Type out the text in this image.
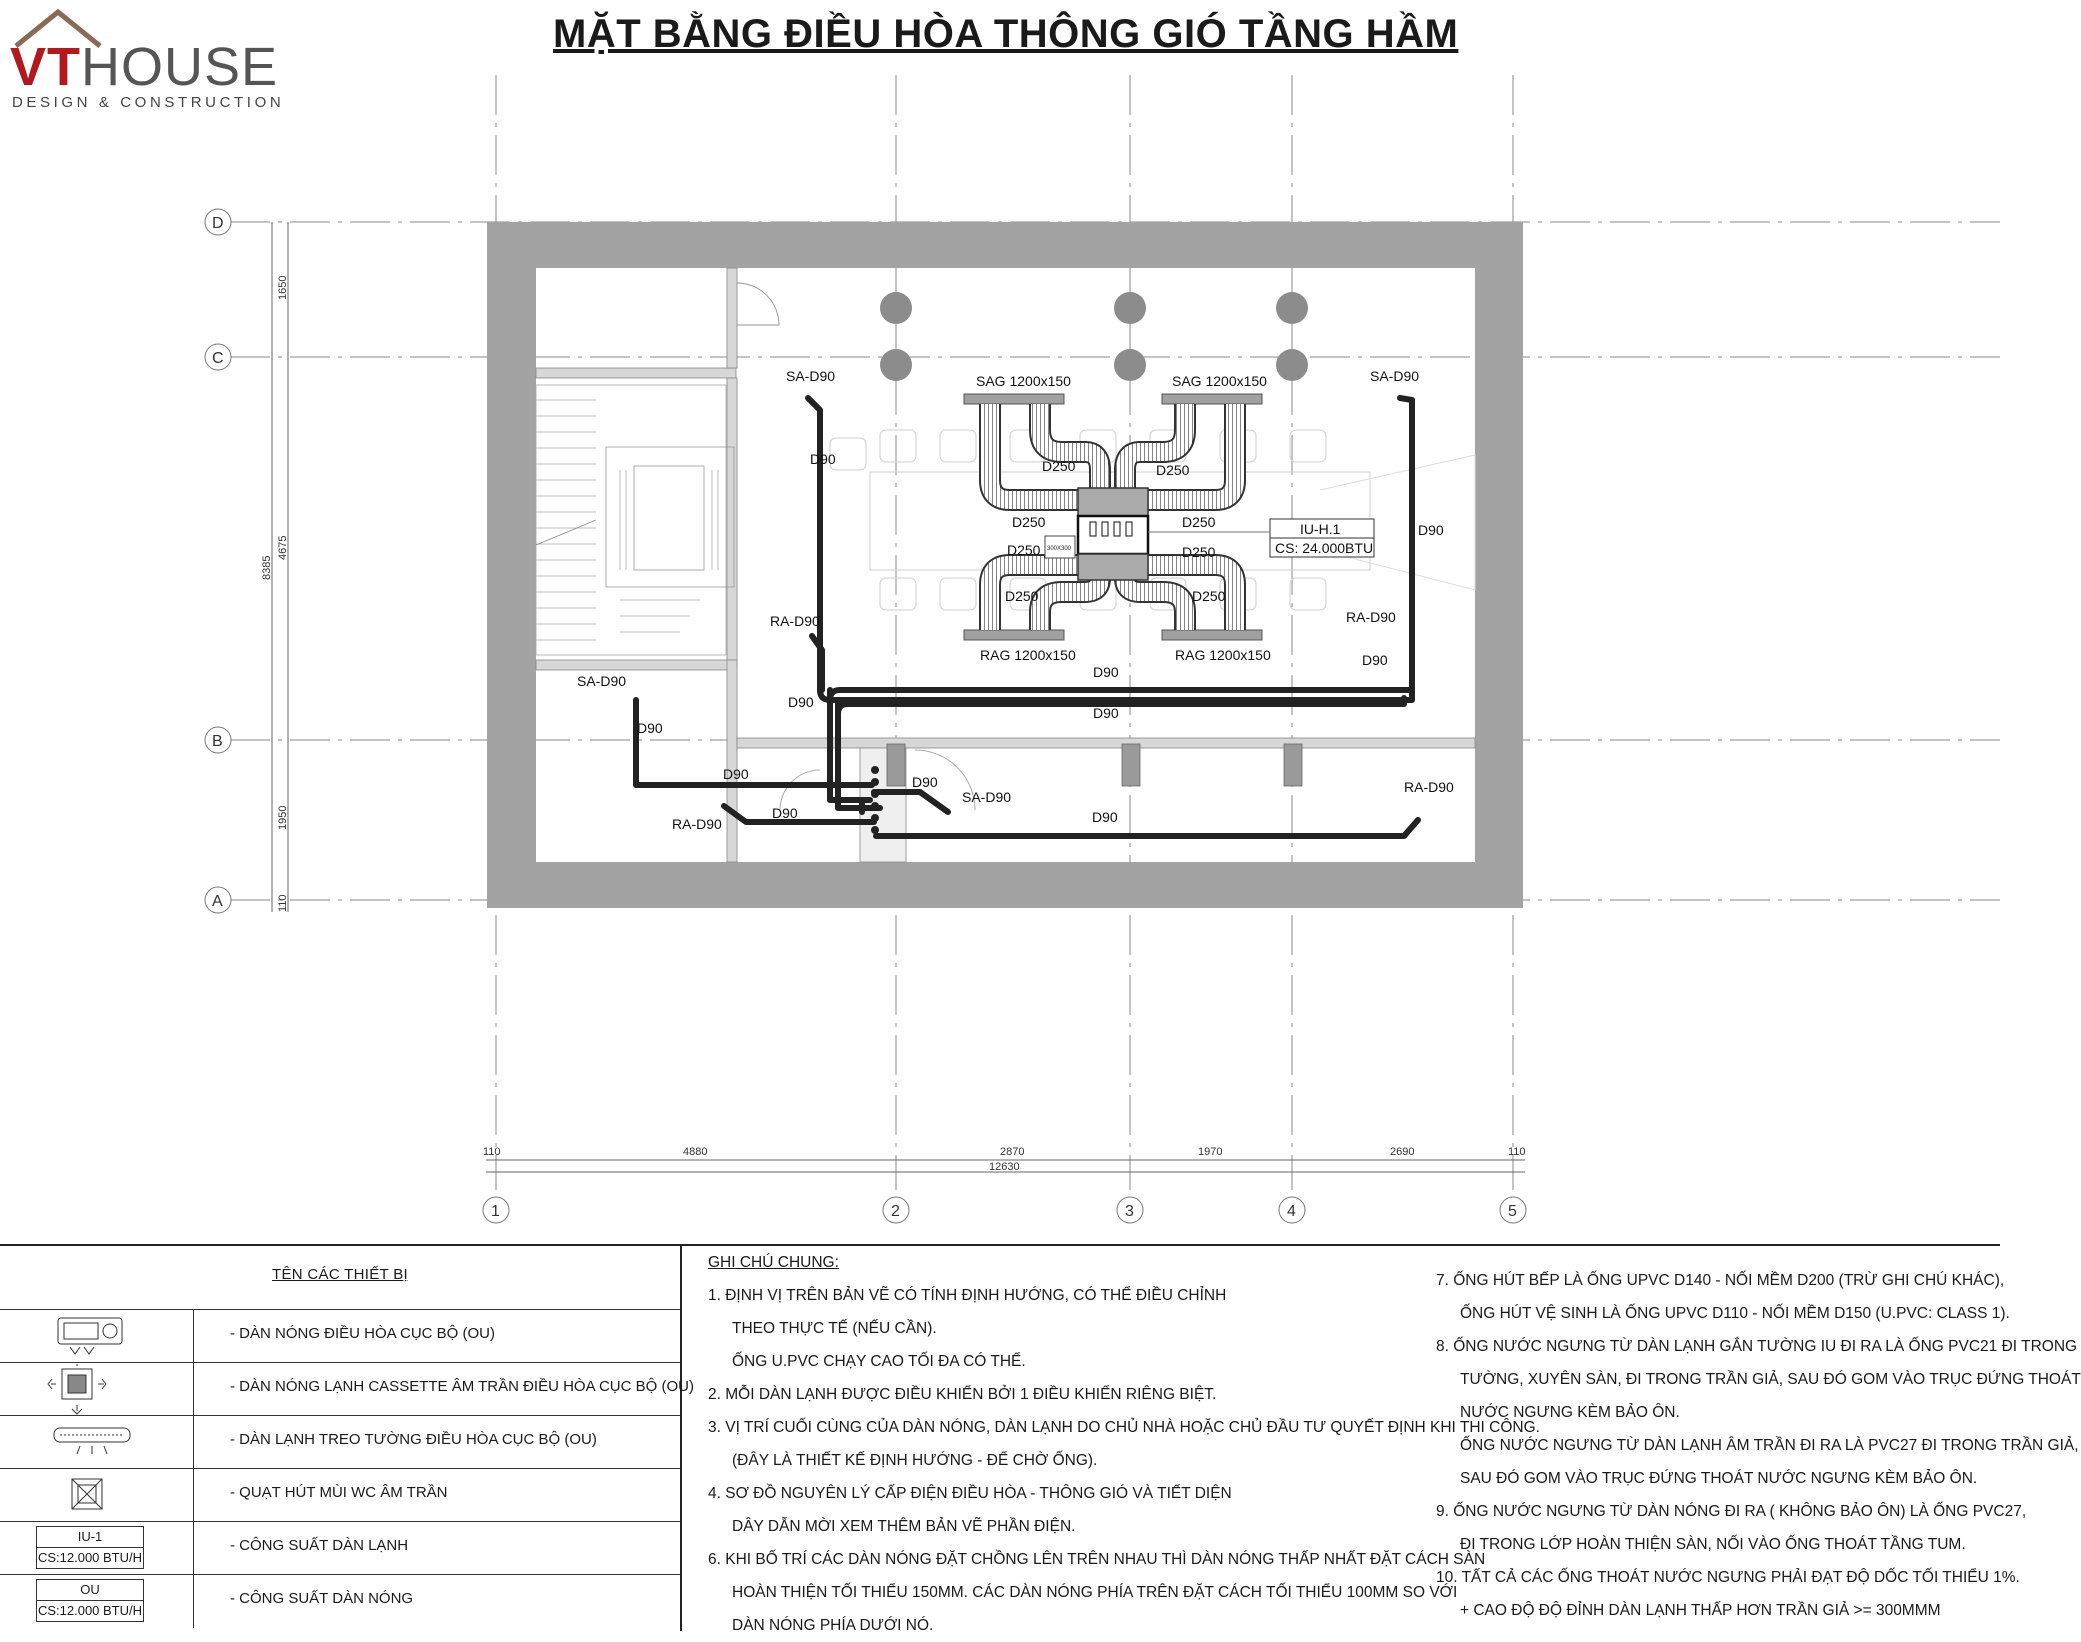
VTHOUSE
DESIGN & CONSTRUCTION
MẶT BẰNG ĐIỀU HÒA THÔNG GIÓ TẦNG HẦM
D
C
B
A
1	2	3	4	5
110	4880	2870	1970	2690	110
12630
1650
4675
1950
110
8385
300X300
IU-H.1
CS: 24.000BTU
SAG 1200x150	SAG 1200x150
RAG 1200x150	RAG 1200x150
D250	D250
D250	D250
D250	D250
D250	D250
SA-D90	SA-D90
SA-D90
SA-D90
RA-D90	RA-D90
RA-D90
RA-D90
D90
D90
D90
D90
D90
D90
D90
D90	D90
D90	D90
TÊN CÁC THIẾT BỊ
- DÀN NÓNG ĐIỀU HÒA CỤC BỘ (OU)
- DÀN NÓNG LẠNH CASSETTE ÂM TRẦN ĐIỀU HÒA CỤC BỘ (OU)
- DÀN LẠNH TREO TƯỜNG ĐIỀU HÒA CỤC BỘ (OU)
- QUẠT HÚT MÙI WC ÂM TRẦN
IU-1
CS:12.000 BTU/H
- CÔNG SUẤT DÀN LẠNH
OU
CS:12.000 BTU/H
- CÔNG SUẤT DÀN NÓNG
GHI CHÚ CHUNG:
1. ĐỊNH VỊ TRÊN BẢN VẼ CÓ TÍNH ĐỊNH HƯỚNG, CÓ THỂ ĐIỀU CHỈNH
THEO THỰC TẾ (NẾU CẦN).
ỐNG U.PVC CHẠY CAO TỐI ĐA CÓ THỂ.
2. MỖI DÀN LẠNH ĐƯỢC ĐIỀU KHIỂN BỞI 1 ĐIỀU KHIỂN RIÊNG BIỆT.
3. VỊ TRÍ CUỐI CÙNG CỦA DÀN NÓNG, DÀN LẠNH DO CHỦ NHÀ HOẶC CHỦ ĐẦU TƯ QUYẾT ĐỊNH KHI THI CÔNG.
(ĐÂY LÀ THIẾT KẾ ĐỊNH HƯỚNG - ĐỂ CHỜ ỐNG).
4. SƠ ĐỒ NGUYÊN LÝ CẤP ĐIỆN ĐIỀU HÒA - THÔNG GIÓ VÀ TIẾT DIỆN
DÂY DẪN MỜI XEM THÊM BẢN VẼ PHẦN ĐIỆN.
6. KHI BỐ TRÍ CÁC DÀN NÓNG ĐẶT CHỒNG LÊN TRÊN NHAU THÌ DÀN NÓNG THẤP NHẤT ĐẶT CÁCH SÀN
HOÀN THIỆN TỐI THIỂU 150MM. CÁC DÀN NÓNG PHÍA TRÊN ĐẶT CÁCH TỐI THIỂU 100MM SO VỚI
DÀN NÓNG PHÍA DƯỚI NÓ.
7. ỐNG HÚT BẾP LÀ ỐNG UPVC D140 - NỐI MỀM D200 (TRỪ GHI CHÚ KHÁC),
ỐNG HÚT VỆ SINH LÀ ỐNG UPVC D110 - NỐI MỀM D150 (U.PVC: CLASS 1).
8. ỐNG NƯỚC NGƯNG TỪ DÀN LẠNH GẮN TƯỜNG IU ĐI RA LÀ ỐNG PVC21 ĐI TRONG
TƯỜNG, XUYÊN SÀN, ĐI TRONG TRẦN GIẢ, SAU ĐÓ GOM VÀO TRỤC ĐỨNG THOÁT
NƯỚC NGƯNG KÈM BẢO ÔN.
ỐNG NƯỚC NGƯNG TỪ DÀN LẠNH ÂM TRẦN ĐI RA LÀ PVC27 ĐI TRONG TRẦN GIẢ,
SAU ĐÓ GOM VÀO TRỤC ĐỨNG THOÁT NƯỚC NGƯNG KÈM BẢO ÔN.
9. ỐNG NƯỚC NGƯNG TỪ DÀN NÓNG ĐI RA ( KHÔNG BẢO ÔN) LÀ ỐNG PVC27,
ĐI TRONG LỚP HOÀN THIỆN SÀN, NỐI VÀO ỐNG THOÁT TẦNG TUM.
10. TẤT CẢ CÁC ỐNG THOÁT NƯỚC NGƯNG PHẢI ĐẠT ĐỘ DỐC TỐI THIỂU 1%.
+ CAO ĐỘ ĐỘ ĐỈNH DÀN LẠNH THẤP HƠN TRẦN GIẢ >= 300MMM
